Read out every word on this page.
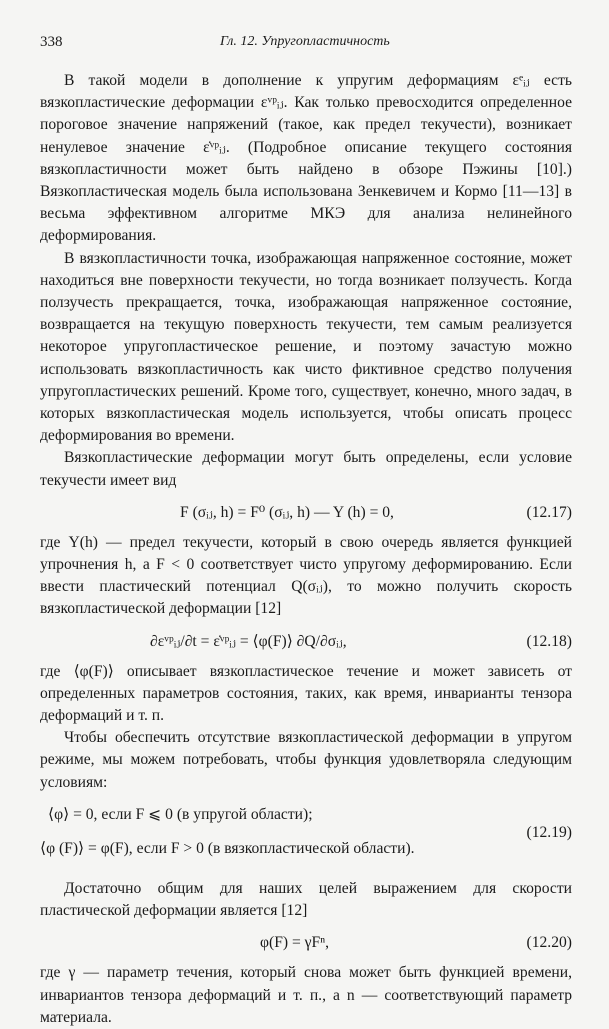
338	Гл. 12. Упругопластичность

В такой модели в дополнение к упругим деформациям εᵉᵢⱼ есть вязкопластические деформации εᵛᵖᵢⱼ. Как только превосходится определенное пороговое значение напряжений (такое, как предел текучести), возникает ненулевое значение ε̇ᵛᵖᵢⱼ. (Подробное описание текущего состояния вязкопластичности может быть найдено в обзоре Пэжины [10].) Вязкопластическая модель была использована Зенкевичем и Кормо [11—13] в весьма эффективном алгоритме МКЭ для анализа нелинейного деформирования.

В вязкопластичности точка, изображающая напряженное состояние, может находиться вне поверхности текучести, но тогда возникает ползучесть. Когда ползучесть прекращается, точка, изображающая напряженное состояние, возвращается на текущую поверхность текучести, тем самым реализуется некоторое упругопластическое решение, и поэтому зачастую можно использовать вязкопластичность как чисто фиктивное средство получения упругопластических решений. Кроме того, существует, конечно, много задач, в которых вязкопластическая модель используется, чтобы описать процесс деформирования во времени.

Вязкопластические деформации могут быть определены, если условие текучести имеет вид

F (σᵢⱼ, h) = F⁰ (σᵢⱼ, h) — Y (h) = 0,	(12.17)

где Y(h) — предел текучести, который в свою очередь является функцией упрочнения h, а F < 0 соответствует чисто упругому деформированию. Если ввести пластический потенциал Q(σᵢⱼ), то можно получить скорость вязкопластической деформации [12]

∂εᵛᵖᵢⱼ/∂t = ε̇ᵛᵖᵢⱼ = ⟨φ(F)⟩ ∂Q/∂σᵢⱼ,	(12.18)

где ⟨φ(F)⟩ описывает вязкопластическое течение и может зависеть от определенных параметров состояния, таких, как время, инварианты тензора деформаций и т. п.

Чтобы обеспечить отсутствие вязкопластической деформации в упругом режиме, мы можем потребовать, чтобы функция удовлетворяла следующим условиям:

⟨φ⟩ = 0, если F ⩽ 0 (в упругой области);
⟨φ (F)⟩ = φ(F), если F > 0 (в вязкопластической области).
(12.19)

Достаточно общим для наших целей выражением для скорости пластической деформации является [12]

φ(F) = γFⁿ,	(12.20)

где γ — параметр течения, который снова может быть функцией времени, инвариантов тензора деформаций и т. п., а n — соответствующий параметр материала.
